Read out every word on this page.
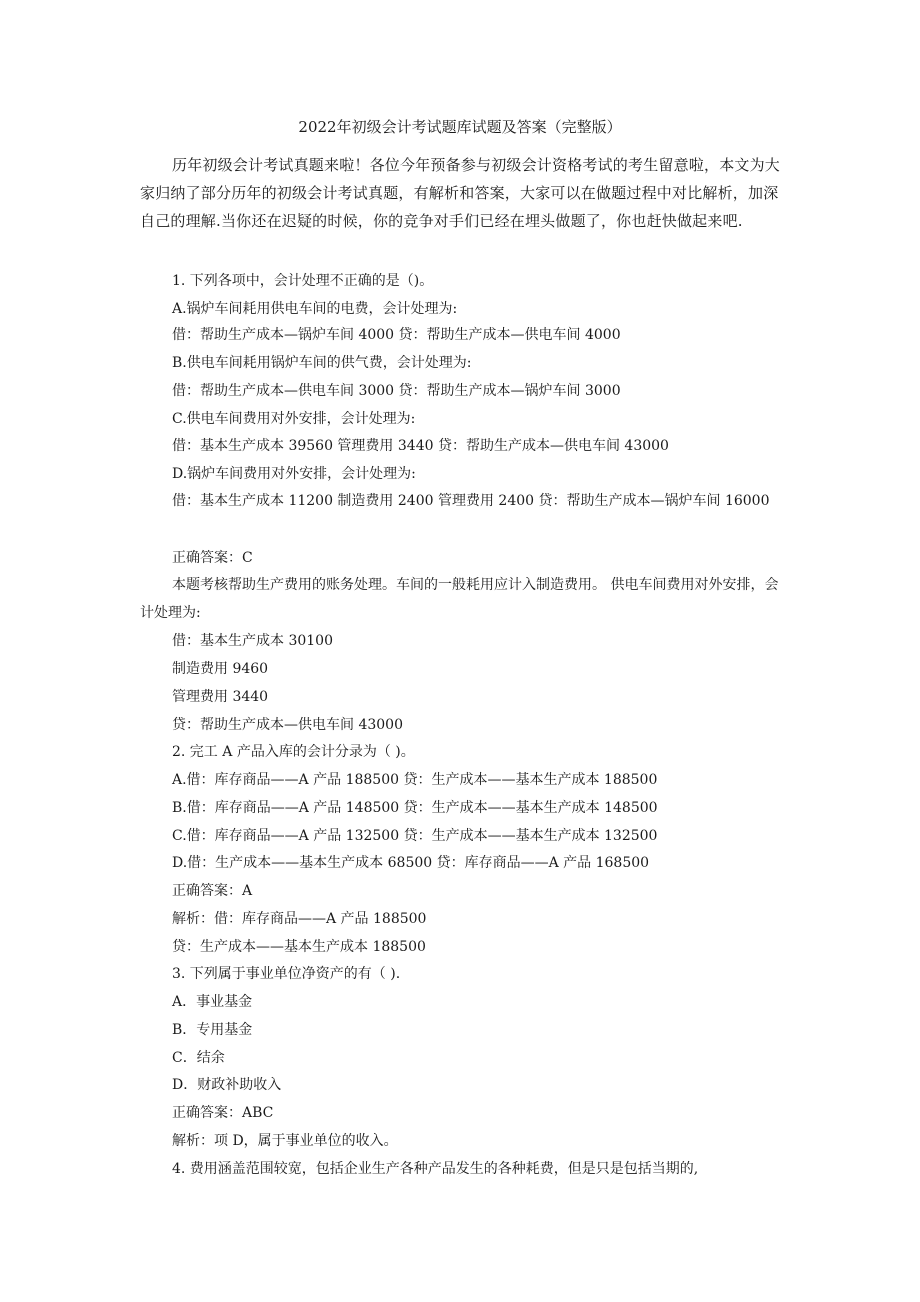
2022年初级会计考试题库试题及答案（完整版）

历年初级会计考试真题来啦！各位今年预备参与初级会计资格考试的考生留意啦，本文为大家归纳了部分历年的初级会计考试真题，有解析和答案，大家可以在做题过程中对比解析，加深自己的理解.当你还在迟疑的时候，你的竞争对手们已经在埋头做题了，你也赶快做起来吧.

1. 下列各项中，会计处理不正确的是（)。

A.锅炉车间耗用供电车间的电费，会计处理为:

借：帮助生产成本—锅炉车间 4000 贷：帮助生产成本—供电车间 4000

B.供电车间耗用锅炉车间的供气费，会计处理为:

借：帮助生产成本—供电车间 3000 贷：帮助生产成本—锅炉车间 3000

C.供电车间费用对外安排，会计处理为:

借：基本生产成本 39560 管理费用 3440 贷：帮助生产成本—供电车间 43000

D.锅炉车间费用对外安排，会计处理为:

借：基本生产成本 11200 制造费用 2400 管理费用 2400 贷：帮助生产成本—锅炉车间 16000

正确答案：C

本题考核帮助生产费用的账务处理。车间的一般耗用应计入制造费用。 供电车间费用对外安排，会计处理为:

借：基本生产成本 30100

制造费用 9460

管理费用 3440

贷：帮助生产成本—供电车间 43000

2. 完工 A 产品入库的会计分录为（ )。

A.借：库存商品——A 产品 188500 贷：生产成本——基本生产成本 188500

B.借：库存商品——A 产品 148500 贷：生产成本——基本生产成本 148500

C.借：库存商品——A 产品 132500 贷：生产成本——基本生产成本 132500

D.借：生产成本——基本生产成本 68500 贷：库存商品——A 产品 168500

正确答案：A

解析：借：库存商品——A 产品 188500

贷：生产成本——基本生产成本 188500

3. 下列属于事业单位净资产的有（ ).

A．事业基金

B．专用基金

C．结余

D．财政补助收入

正确答案：ABC

解析：项 D，属于事业单位的收入。

4. 费用涵盖范围较宽，包括企业生产各种产品发生的各种耗费，但是只是包括当期的,
